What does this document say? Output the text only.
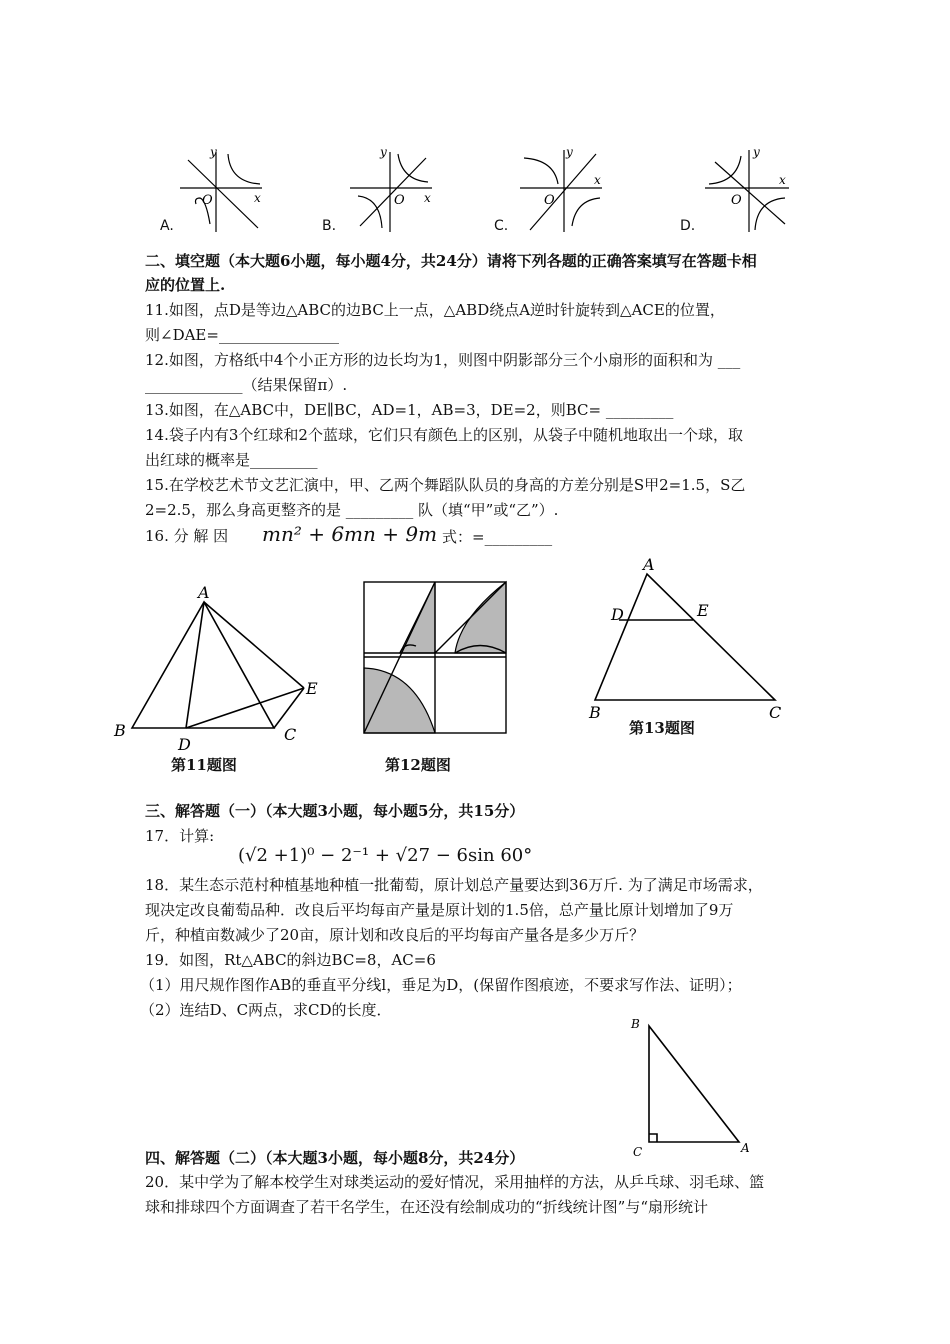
y
x
O
y
x
O
y
x
O
y
x
O
A.	B.	C.	D.
二、填空题（本大题6小题，每小题4分，共24分）请将下列各题的正确答案填写在答题卡相
应的位置上.
11.如图，点D是等边△ABC的边BC上一点，△ABD绕点A逆时针旋转到△ACE的位置，
则∠DAE=________________
12.如图，方格纸中4个小正方形的边长均为1，则图中阴影部分三个小扇形的面积和为 ___
_____________（结果保留π）.
13.如图，在△ABC中，DE∥BC，AD=1，AB=3，DE=2，则BC= _________
14.袋子内有3个红球和2个蓝球，它们只有颜色上的区别，从袋子中随机地取出一个球，取
出红球的概率是_________
15.在学校艺术节文艺汇演中，甲、乙两个舞蹈队队员的身高的方差分别是S甲2=1.5，S乙
2=2.5，那么身高更整齐的是 _________ 队（填“甲”或“乙”）.
16. 分 解 因 mn² + 6mn + 9m 式：=_________
A
B
D
C
E
第11题图	第12题图
A
D	E
B	C
第13题图
三、解答题（一）（本大题3小题，每小题5分，共15分）
17．计算:
(√2 +1)⁰ − 2⁻¹ + √27 − 6sin 60°
18．某生态示范村种植基地种植一批葡萄，原计划总产量要达到36万斤. 为了满足市场需求，
现决定改良葡萄品种．改良后平均每亩产量是原计划的1.5倍，总产量比原计划增加了9万
斤，种植亩数减少了20亩，原计划和改良后的平均每亩产量各是多少万斤？
19．如图，Rt△ABC的斜边BC=8，AC=6
（1）用尺规作图作AB的垂直平分线l，垂足为D，(保留作图痕迹，不要求写作法、证明）；
（2）连结D、C两点，求CD的长度．
B
C	A
四、解答题（二）（本大题3小题，每小题8分，共24分）
20．某中学为了解本校学生对球类运动的爱好情况，采用抽样的方法，从乒乓球、羽毛球、篮
球和排球四个方面调查了若干名学生，在还没有绘制成功的“折线统计图”与“扇形统计
